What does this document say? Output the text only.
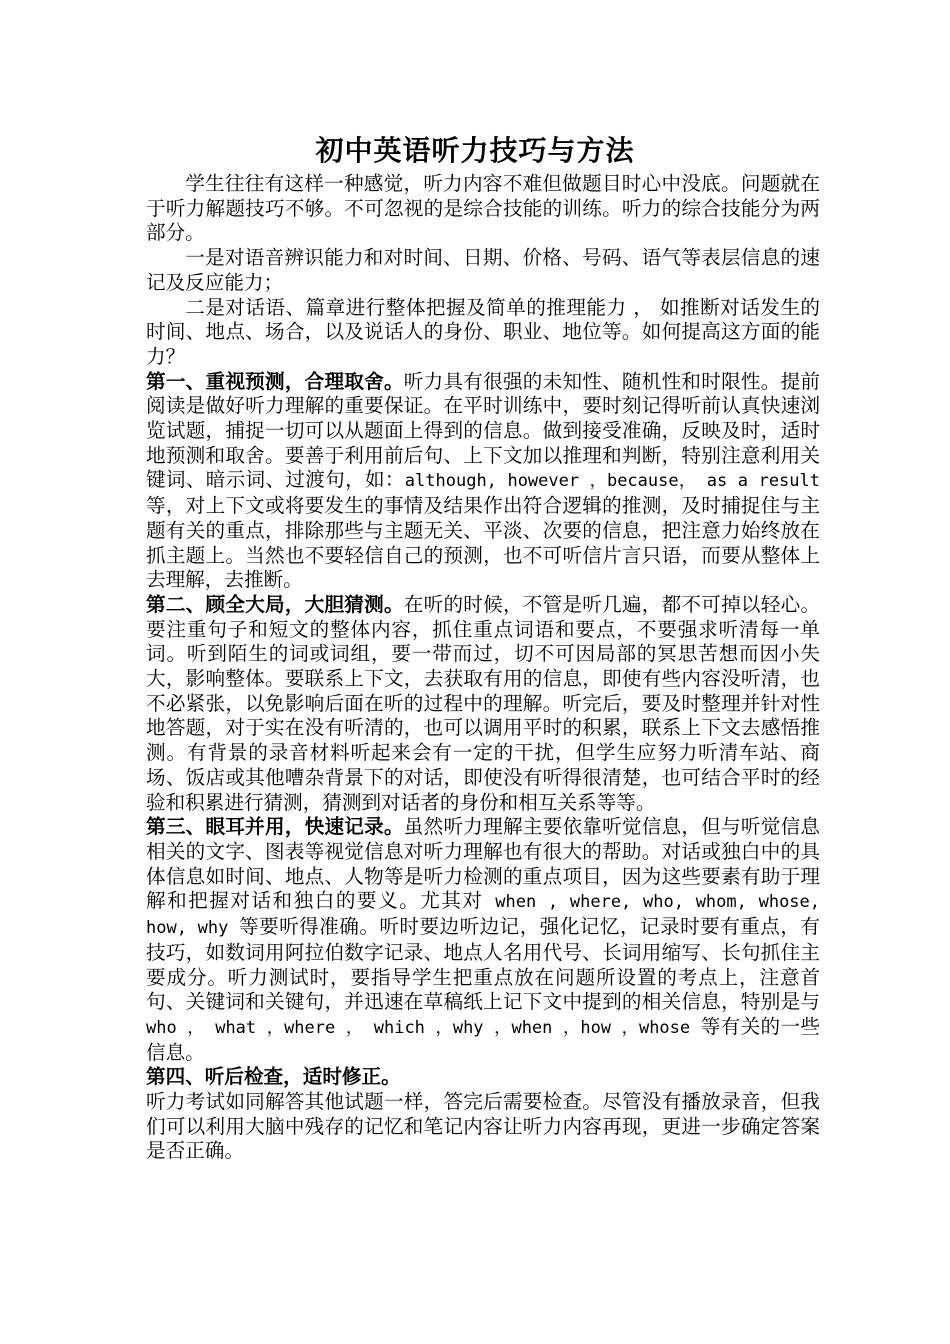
初中英语听力技巧与方法

学生往往有这样一种感觉，听力内容不难但做题目时心中没底。问题就在于听力解题技巧不够。不可忽视的是综合技能的训练。听力的综合技能分为两部分。

一是对语音辨识能力和对时间、日期、价格、号码、语气等表层信息的速记及反应能力；

二是对话语、篇章进行整体把握及简单的推理能力 ， 如推断对话发生的时间、地点、场合，以及说话人的身份、职业、地位等。如何提高这方面的能力？

第一、重视预测，合理取舍。听力具有很强的未知性、随机性和时限性。提前阅读是做好听力理解的重要保证。在平时训练中，要时刻记得听前认真快速浏览试题，捕捉一切可以从题面上得到的信息。做到接受准确，反映及时，适时地预测和取舍。要善于利用前后句、上下文加以推理和判断，特别注意利用关键词、暗示词、过渡句，如：although, however ，because， as a result 等，对上下文或将要发生的事情及结果作出符合逻辑的推测，及时捕捉住与主题有关的重点，排除那些与主题无关、平淡、次要的信息，把注意力始终放在抓主题上。当然也不要轻信自己的预测，也不可听信片言只语，而要从整体上去理解，去推断。

第二、顾全大局，大胆猜测。在听的时候，不管是听几遍，都不可掉以轻心。要注重句子和短文的整体内容，抓住重点词语和要点，不要强求听清每一单词。听到陌生的词或词组，要一带而过，切不可因局部的冥思苦想而因小失大，影响整体。要联系上下文，去获取有用的信息，即使有些内容没听清，也不必紧张，以免影响后面在听的过程中的理解。听完后，要及时整理并针对性地答题，对于实在没有听清的，也可以调用平时的积累，联系上下文去感悟推测。有背景的录音材料听起来会有一定的干扰，但学生应努力听清车站、商场、饭店或其他嘈杂背景下的对话，即使没有听得很清楚，也可结合平时的经验和积累进行猜测，猜测到对话者的身份和相互关系等等。

第三、眼耳并用，快速记录。虽然听力理解主要依靠听觉信息，但与听觉信息相关的文字、图表等视觉信息对听力理解也有很大的帮助。对话或独白中的具体信息如时间、地点、人物等是听力检测的重点项目，因为这些要素有助于理解和把握对话和独白的要义。尤其对 when , where, who, whom, whose, how, why 等要听得准确。听时要边听边记，强化记忆，记录时要有重点，有技巧，如数词用阿拉伯数字记录、地点人名用代号、长词用缩写、长句抓住主要成分。听力测试时，要指导学生把重点放在问题所设置的考点上，注意首句、关键词和关键句，并迅速在草稿纸上记下文中提到的相关信息，特别是与who ， what ，where ， which ，why ，when ，how ，whose 等有关的一些信息。

第四、听后检查，适时修正。

听力考试如同解答其他试题一样，答完后需要检查。尽管没有播放录音，但我们可以利用大脑中残存的记忆和笔记内容让听力内容再现，更进一步确定答案是否正确。
